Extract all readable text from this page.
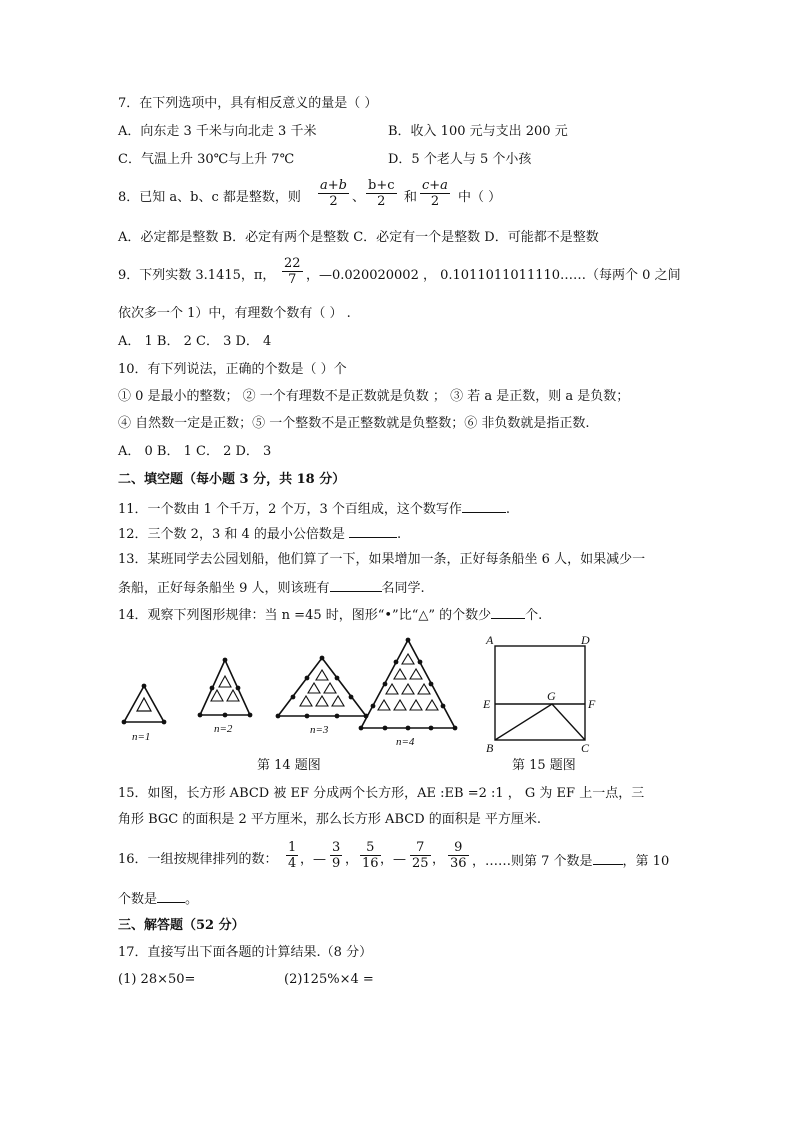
7．在下列选项中，具有相反意义的量是（ ）
A．向东走 3 千米与向北走 3 千米	B．收入 100 元与支出 200 元
C．气温上升 30℃与上升 7℃	D．5 个老人与 5 个小孩
8．已知 a、b、c 都是整数，则
a+b
2 、
b+c
2 和
c+a
2 中（ ）
A．必定都是整数 B．必定有两个是整数 C．必定有一个是整数 D．可能都不是整数
9．下列实数 3.1415，π，
22
7 ，—0.020020002 ， 0.1011011011110……（每两个 0 之间
依次多一个 1）中，有理数个数有（ ） .
A． 1 B． 2 C． 3 D． 4
10．有下列说法，正确的个数是（ ）个
① 0 是最小的整数； ② 一个有理数不是正数就是负数 ； ③ 若 a 是正数，则 a 是负数；
④ 自然数一定是正数；⑤ 一个整数不是正整数就是负整数；⑥ 非负数就是指正数.
A． 0 B． 1 C． 2 D． 3
二、填空题（每小题 3 分，共 18 分）
11．一个数由 1 个千万，2 个万，3 个百组成，这个数写作	.
12．三个数 2，3 和 4 的最小公倍数是	.
13．某班同学去公园划船，他们算了一下，如果增加一条，正好每条船坐 6 人，如果减少一
条船，正好每条船坐 9 人，则该班有	名同学.
14．观察下列图形规律：当 n =45 时，图形“•”比“△” 的个数少	个.
n=1
n=2	n=3
n=4
第 14 题图
A	D
E
G
F
B	C
第 15 题图
15．如图，长方形 ABCD 被 EF 分成两个长方形，AE :EB =2 :1 ， G 为 EF 上一点，三
角形 BGC 的面积是 2 平方厘米，那么长方形 ABCD 的面积是 平方厘米.
16．一组按规律排列的数：
1
4 ，—
3
9 ，
5
16 ，—
7
25 ，
9
36 ，……则第 7 个数是 ，第 10
个数是 。
三、解答题（52 分）
17．直接写出下面各题的计算结果.（8 分）
(1) 28×50=	(2)125%×4 =
